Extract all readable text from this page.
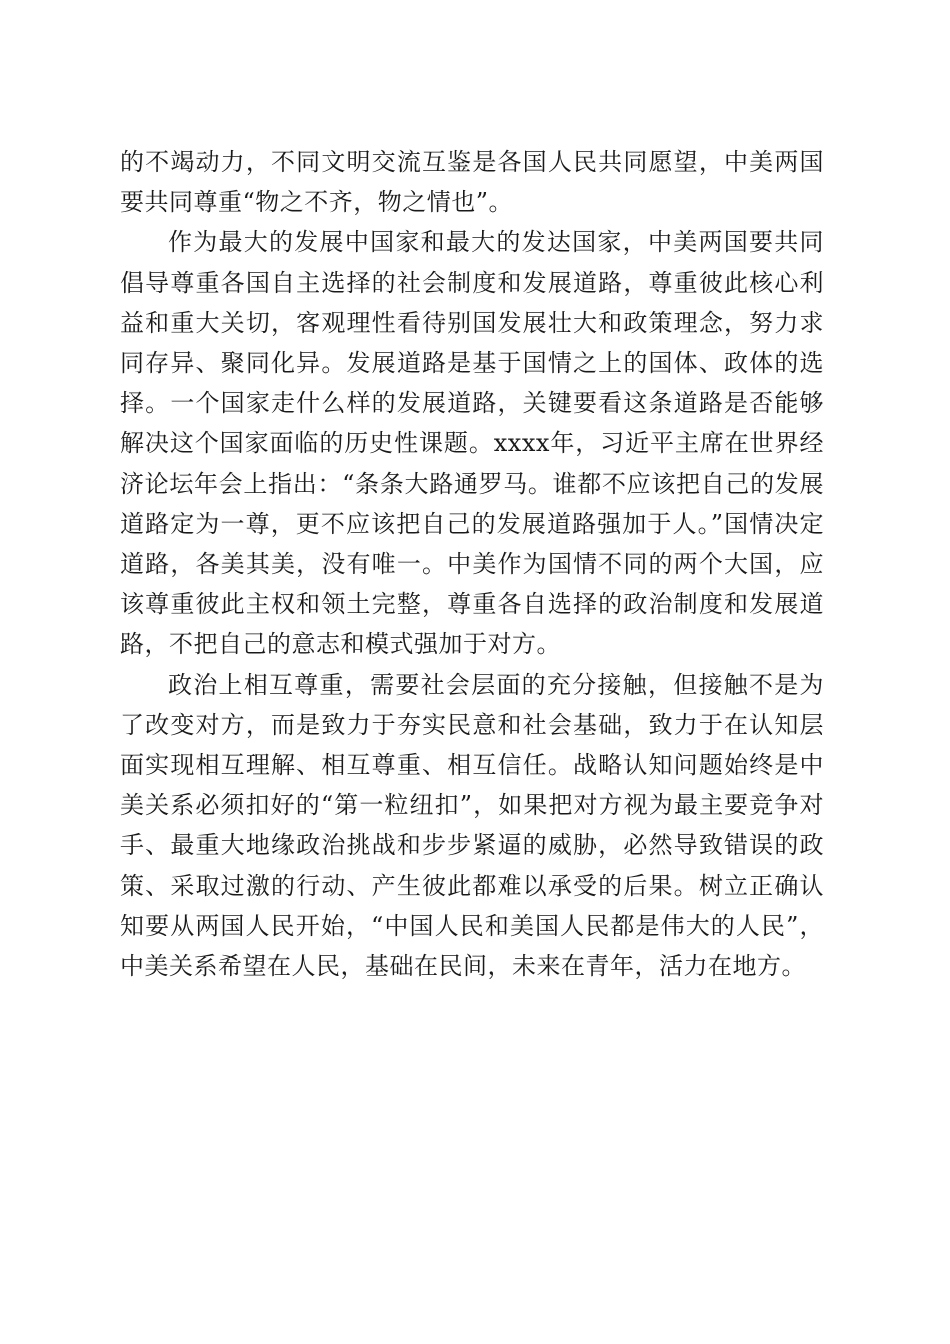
的不竭动力，不同文明交流互鉴是各国人民共同愿望，中美两国要共同尊重“物之不齐，物之情也”。

作为最大的发展中国家和最大的发达国家，中美两国要共同倡导尊重各国自主选择的社会制度和发展道路，尊重彼此核心利益和重大关切，客观理性看待别国发展壮大和政策理念，努力求同存异、聚同化异。发展道路是基于国情之上的国体、政体的选择。一个国家走什么样的发展道路，关键要看这条道路是否能够解决这个国家面临的历史性课题。xxxx年，习近平主席在世界经济论坛年会上指出：“条条大路通罗马。谁都不应该把自己的发展道路定为一尊，更不应该把自己的发展道路强加于人。”国情决定道路，各美其美，没有唯一。中美作为国情不同的两个大国，应该尊重彼此主权和领土完整，尊重各自选择的政治制度和发展道路，不把自己的意志和模式强加于对方。

政治上相互尊重，需要社会层面的充分接触，但接触不是为了改变对方，而是致力于夯实民意和社会基础，致力于在认知层面实现相互理解、相互尊重、相互信任。战略认知问题始终是中美关系必须扣好的“第一粒纽扣”，如果把对方视为最主要竞争对手、最重大地缘政治挑战和步步紧逼的威胁，必然导致错误的政策、采取过激的行动、产生彼此都难以承受的后果。树立正确认知要从两国人民开始，“中国人民和美国人民都是伟大的人民”，中美关系希望在人民，基础在民间，未来在青年，活力在地方。
